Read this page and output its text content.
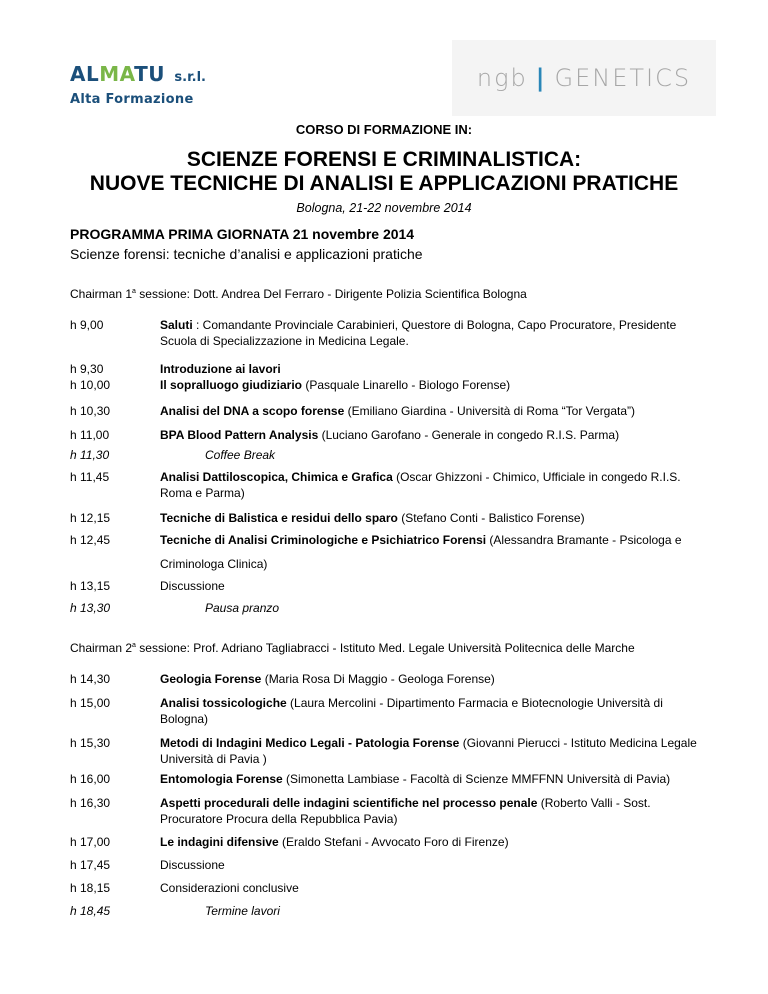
ALMATU s.r.l.
Alta Formazione
ngb | GENETICS
CORSO DI FORMAZIONE IN:
SCIENZE FORENSI E CRIMINALISTICA:
NUOVE TECNICHE DI ANALISI E APPLICAZIONI PRATICHE
Bologna, 21-22 novembre 2014
PROGRAMMA PRIMA GIORNATA 21 novembre 2014
Scienze forensi: tecniche d’analisi e applicazioni pratiche
Chairman 1$^a$ sessione: Dott. Andrea Del Ferraro - Dirigente Polizia Scientifica Bologna
h 9,00	Saluti : Comandante Provinciale Carabinieri, Questore di Bologna, Capo Procuratore, Presidente Scuola di Specializzazione in Medicina Legale.
h 9,30	Introduzione ai lavori
h 10,00	Il sopralluogo giudiziario (Pasquale Linarello - Biologo Forense)
h 10,30	Analisi del DNA a scopo forense (Emiliano Giardina - Università di Roma “Tor Vergata”)
h 11,00	BPA Blood Pattern Analysis (Luciano Garofano - Generale in congedo R.I.S. Parma)
h 11,30	Coffee Break
h 11,45	Analisi Dattiloscopica, Chimica e Grafica (Oscar Ghizzoni - Chimico, Ufficiale in congedo R.I.S. Roma e Parma)
h 12,15	Tecniche di Balistica e residui dello sparo (Stefano Conti - Balistico Forense)
h 12,45	Tecniche di Analisi Criminologiche e Psichiatrico Forensi (Alessandra Bramante - Psicologa e
Criminologa Clinica)
h 13,15	Discussione
h 13,30	Pausa pranzo
Chairman 2$^a$ sessione: Prof. Adriano Tagliabracci - Istituto Med. Legale Università Politecnica delle Marche
h 14,30	Geologia Forense (Maria Rosa Di Maggio - Geologa Forense)
h 15,00	Analisi tossicologiche (Laura Mercolini - Dipartimento Farmacia e Biotecnologie Università di Bologna)
h 15,30	Metodi di Indagini Medico Legali - Patologia Forense (Giovanni Pierucci - Istituto Medicina Legale Università di Pavia )
h 16,00	Entomologia Forense (Simonetta Lambiase - Facoltà di Scienze MMFFNN Università di Pavia)
h 16,30	Aspetti procedurali delle indagini scientifiche nel processo penale (Roberto Valli - Sost. Procuratore Procura della Repubblica Pavia)
h 17,00	Le indagini difensive (Eraldo Stefani - Avvocato Foro di Firenze)
h 17,45	Discussione
h 18,15	Considerazioni conclusive
h 18,45	Termine lavori
